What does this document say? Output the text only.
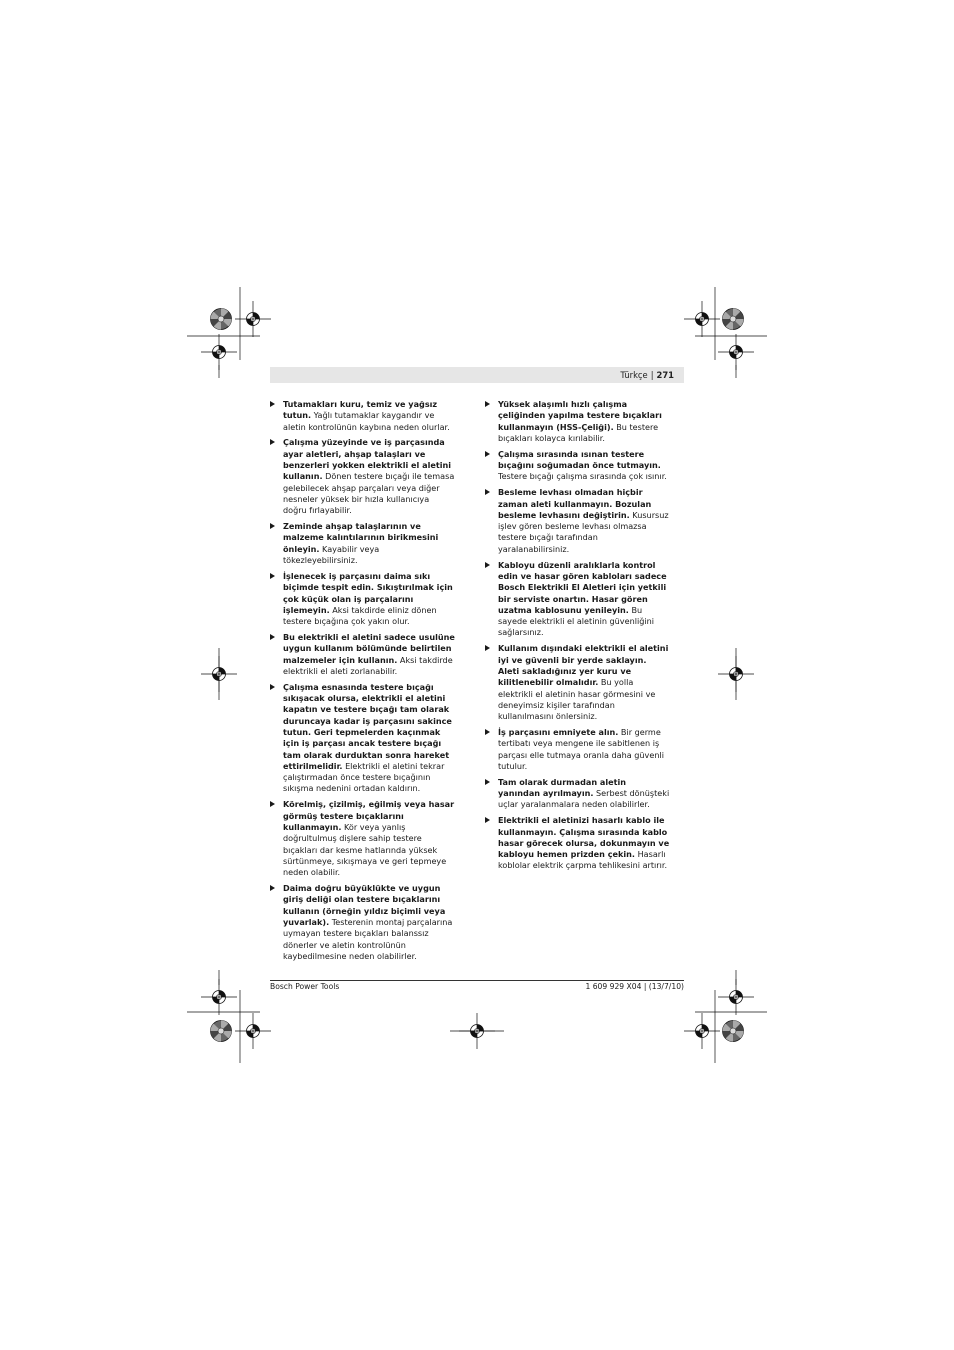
Türkçe | 271
Tutamakları kuru, temiz ve yağsız tutun. Yağlı tutamaklar kaygandır ve aletin kontrolünün kaybına neden olurlar.
Çalışma yüzeyinde ve iş parçasında ayar aletleri, ahşap talaşları ve benzerleri yokken elektrikli el aletini kullanın. Dönen testere bıçağı ile temasa gelebilecek ahşap parçaları veya diğer nesneler yüksek bir hızla kullanıcıya doğru fırlayabilir.
Zeminde ahşap talaşlarının ve malzeme kalıntılarının birikmesini önleyin. Kayabilir veya tökezleyebilirsiniz.
İşlenecek iş parçasını daima sıkı biçimde tespit edin. Sıkıştırılmak için çok küçük olan iş parçalarını işlemeyin. Aksi takdirde eliniz dönen testere bıçağına çok yakın olur.
Bu elektrikli el aletini sadece usulüne uygun kullanım bölümünde belirtilen malzemeler için kullanın. Aksi takdirde elektrikli el aleti zorlanabilir.
Çalışma esnasında testere bıçağı sıkışacak olursa, elektrikli el aletini kapatın ve testere bıçağı tam olarak duruncaya kadar iş parçasını sakince tutun. Geri tepmelerden kaçınmak için iş parçası ancak testere bıçağı tam olarak durduktan sonra hareket ettirilmelidir. Elektrikli el aletini tekrar çalıştırmadan önce testere bıçağının sıkışma nedenini ortadan kaldırın.
Körelmiş, çizilmiş, eğilmiş veya hasar görmüş testere bıçaklarını kullanmayın. Kör veya yanlış doğrultulmuş dişlere sahip testere bıçakları dar kesme hatlarında yüksek sürtünmeye, sıkışmaya ve geri tepmeye neden olabilir.
Daima doğru büyüklükte ve uygun giriş deliği olan testere bıçaklarını kullanın (örneğin yıldız biçimli veya yuvarlak). Testerenin montaj parçalarına uymayan testere bıçakları balanssız dönerler ve aletin kontrolünün kaybedilmesine neden olabilirler.
Yüksek alaşımlı hızlı çalışma çeliğinden yapılma testere bıçakları kullanmayın (HSS-Çeliği). Bu testere bıçakları kolayca kırılabilir.
Çalışma sırasında ısınan testere bıçağını soğumadan önce tutmayın. Testere bıçağı çalışma sırasında çok ısınır.
Besleme levhası olmadan hiçbir zaman aleti kullanmayın. Bozulan besleme levhasını değiştirin. Kusursuz işlev gören besleme levhası olmazsa testere bıçağı tarafından yaralanabilirsiniz.
Kabloyu düzenli aralıklarla kontrol edin ve hasar gören kabloları sadece Bosch Elektrikli El Aletleri için yetkili bir serviste onartın. Hasar gören uzatma kablosunu yenileyin. Bu sayede elektrikli el aletinin güvenliğini sağlarsınız.
Kullanım dışındaki elektrikli el aletini iyi ve güvenli bir yerde saklayın. Aleti sakladığınız yer kuru ve kilitlenebilir olmalıdır. Bu yolla elektrikli el aletinin hasar görmesini ve deneyimsiz kişiler tarafından kullanılmasını önlersiniz.
İş parçasını emniyete alın. Bir germe tertibatı veya mengene ile sabitlenen iş parçası elle tutmaya oranla daha güvenli tutulur.
Tam olarak durmadan aletin yanından ayrılmayın. Serbest dönüşteki uçlar yaralanmalara neden olabilirler.
Elektrikli el aletinizi hasarlı kablo ile kullanmayın. Çalışma sırasında kablo hasar görecek olursa, dokunmayın ve kabloyu hemen prizden çekin. Hasarlı koblolar elektrik çarpma tehlikesini artırır.
Bosch Power Tools	1 609 929 X04 | (13/7/10)
